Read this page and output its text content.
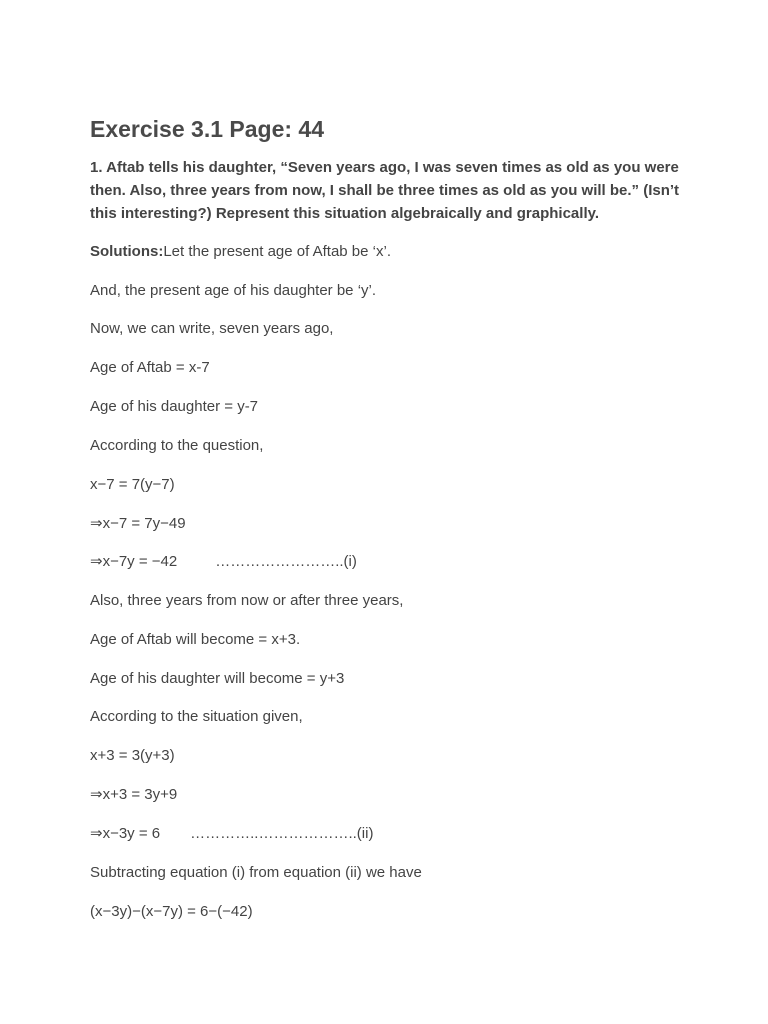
Exercise 3.1 Page: 44

1. Aftab tells his daughter, “Seven years ago, I was seven times as old as you were then. Also, three years from now, I shall be three times as old as you will be.” (Isn’t this interesting?) Represent this situation algebraically and graphically.

Solutions:Let the present age of Aftab be ‘x’.

And, the present age of his daughter be ‘y’.

Now, we can write, seven years ago,

Age of Aftab = x-7

Age of his daughter = y-7

According to the question,

x−7 = 7(y−7)

⇒x−7 = 7y−49

⇒x−7y = −42	……………………..(i)

Also, three years from now or after three years,

Age of Aftab will become = x+3.

Age of his daughter will become = y+3

According to the situation given,

x+3 = 3(y+3)

⇒x+3 = 3y+9

⇒x−3y = 6 …………..………………..(ii)

Subtracting equation (i) from equation (ii) we have

(x−3y)−(x−7y) = 6−(−42)
